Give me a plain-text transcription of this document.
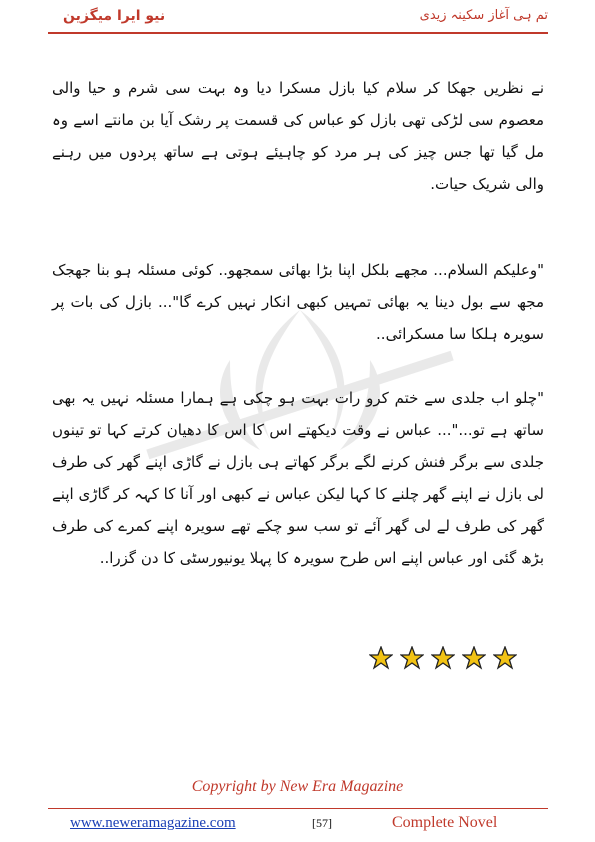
نیو ایرا میگزین	تم ہی آغاز سکینہ زیدی
نے نظریں جھکا کر سلام کیا بازل مسکرا دیا وہ بہت سی شرم و حیا والی معصوم سی لڑکی تھی بازل کو عباس کی قسمت پر رشک آیا بن مانتے اسے وہ مل گیا تھا جس چیز کی ہر مرد کو چاہیئے ہوتی ہے ساتھ پردوں میں رہنے والی شریک حیات.
"وعلیکم السلام... مجھے بلکل اپنا بڑا بھائی سمجھو.. کوئی مسئلہ ہو بنا جھجک مجھ سے بول دینا یہ بھائی تمہیں کبھی انکار نہیں کرے گا"... بازل کی بات پر سویرہ ہلکا سا مسکرائی..
"چلو اب جلدی سے ختم کرو رات بہت ہو چکی ہے ہمارا مسئلہ نہیں یہ بھی ساتھ ہے تو..."... عباس نے وقت دیکھتے اس کا اس کا دھیان کرتے کہا تو تینوں جلدی سے برگر فنش کرنے لگے برگر کھاتے ہی بازل نے گاڑی اپنے گھر کی طرف لی بازل نے اپنے گھر چلنے کا کہا لیکن عباس نے کبھی اور آنا کا کہہ کر گاڑی اپنے گھر کی طرف لے لی گھر آئے تو سب سو چکے تھے سویرہ اپنے کمرے کی طرف بڑھ گئی اور عباس اپنے اس طرح سویرہ کا پہلا یونیورسٹی کا دن گزرا..
Copyright by New Era Magazine
www.neweramagazine.com	[57]	Complete Novel
